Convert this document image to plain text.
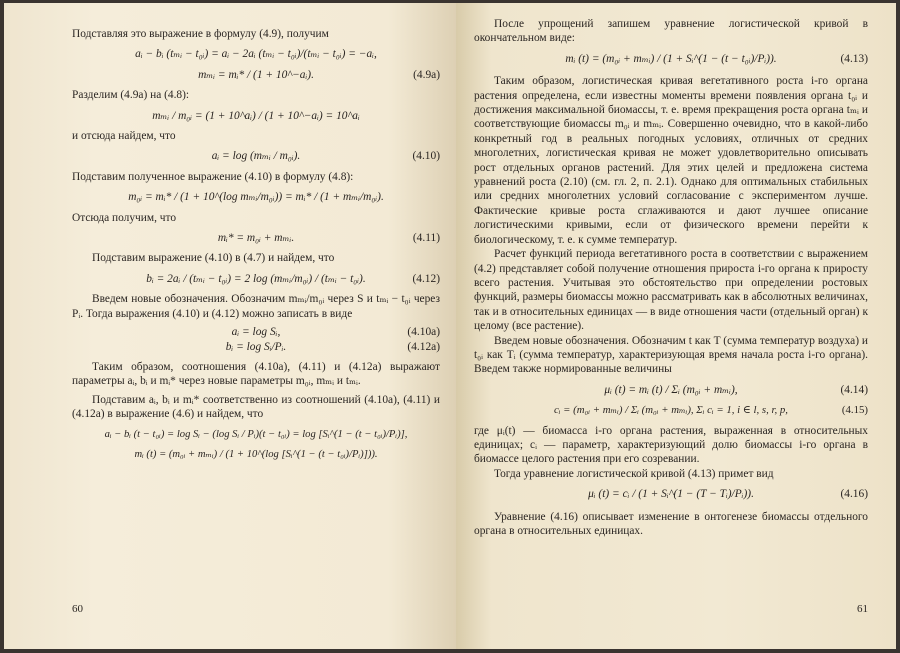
Подставляя это выражение в формулу (4.9), получим

aᵢ − bᵢ (tₘᵢ − t₀ᵢ) = aᵢ − 2aᵢ (tₘᵢ − t₀ᵢ)/(tₘᵢ − t₀ᵢ) = −aᵢ,
mₘᵢ = mᵢ* / (1 + 10^−aᵢ).	(4.9a)

Разделим (4.9a) на (4.8):

mₘᵢ / m₀ᵢ = (1 + 10^aᵢ) / (1 + 10^−aᵢ) = 10^aᵢ

и отсюда найдем, что

aᵢ = log (mₘᵢ / m₀ᵢ).	(4.10)

Подставим полученное выражение (4.10) в формулу (4.8):

m₀ᵢ = mᵢ* / (1 + 10^(log mₘᵢ/m₀ᵢ)) = mᵢ* / (1 + mₘᵢ/m₀ᵢ).

Отсюда получим, что

mᵢ* = m₀ᵢ + mₘᵢ.	(4.11)

Подставим выражение (4.10) в (4.7) и найдем, что

bᵢ = 2aᵢ / (tₘᵢ − t₀ᵢ) = 2 log (mₘᵢ/m₀ᵢ) / (tₘᵢ − t₀ᵢ).	(4.12)

Введем новые обозначения. Обозначим mₘᵢ/m₀ᵢ через S и tₘᵢ − t₀ᵢ через Pᵢ. Тогда выражения (4.10) и (4.12) можно записать в виде

aᵢ = log Sᵢ,	(4.10a)
bᵢ = log Sᵢ/Pᵢ.	(4.12a)

Таким образом, соотношения (4.10a), (4.11) и (4.12a) выражают параметры aᵢ, bᵢ и mᵢ* через новые параметры m₀ᵢ, mₘᵢ и tₘᵢ.

Подставим aᵢ, bᵢ и mᵢ* соответственно из соотношений (4.10a), (4.11) и (4.12a) в выражение (4.6) и найдем, что

aᵢ − bᵢ (t − t₀ᵢ) = log Sᵢ − (log Sᵢ / Pᵢ)(t − t₀ᵢ) = log [Sᵢ^(1 − (t − t₀ᵢ)/Pᵢ)],
mᵢ (t) = (m₀ᵢ + mₘᵢ) / (1 + 10^(log [Sᵢ^(1 − (t − t₀ᵢ)/Pᵢ)])).
60

После упрощений запишем уравнение логистической кривой в окончательном виде:

mᵢ (t) = (m₀ᵢ + mₘᵢ) / (1 + Sᵢ^(1 − (t − t₀ᵢ)/Pᵢ)).	(4.13)

Таким образом, логистическая кривая вегетативного роста i-го органа растения определена, если известны моменты времени появления органа t₀ᵢ и достижения максимальной биомассы, т. е. время прекращения роста органа tₘᵢ и соответствующие биомассы m₀ᵢ и mₘᵢ. Совершенно очевидно, что в какой-либо конкретный год в реальных погодных условиях, отличных от средних многолетних, логистическая кривая не может удовлетворительно описывать рост отдельных органов растений. Для этих целей и предложена система уравнений роста (2.10) (см. гл. 2, п. 2.1). Однако для оптимальных стабильных или средних многолетних условий согласование с экспериментом лучше. Фактические кривые роста сглаживаются и дают лучшее описание логистическими кривыми, если от физического времени перейти к биологическому, т. е. к сумме температур.

Расчет функций периода вегетативного роста в соответствии с выражением (4.2) представляет собой получение отношения прироста i-го органа к приросту всего растения. Учитывая это обстоятельство при определении ростовых функций, размеры биомассы можно рассматривать как в абсолютных величинах, так и в относительных единицах — в виде отношения части (отдельный орган) к целому (все растение).

Введем новые обозначения. Обозначим t как T (сумма температур воздуха) и t₀ᵢ как Tᵢ (сумма температур, характеризующая время начала роста i-го органа). Введем также нормированные величины

μᵢ (t) = mᵢ (t) / Σᵢ (m₀ᵢ + mₘᵢ),	(4.14)
cᵢ = (m₀ᵢ + mₘᵢ) / Σᵢ (m₀ᵢ + mₘᵢ), Σᵢ cᵢ = 1, i ∈ l, s, r, p,	(4.15)

где μᵢ(t) — биомасса i-го органа растения, выраженная в относительных единицах; cᵢ — параметр, характеризующий долю биомассы i-го органа в биомассе целого растения при его созревании.

Тогда уравнение логистической кривой (4.13) примет вид

μᵢ (t) = cᵢ / (1 + Sᵢ^(1 − (T − Tᵢ)/Pᵢ)).	(4.16)

Уравнение (4.16) описывает изменение в онтогенезе биомассы отдельного органа в относительных единицах.

61
